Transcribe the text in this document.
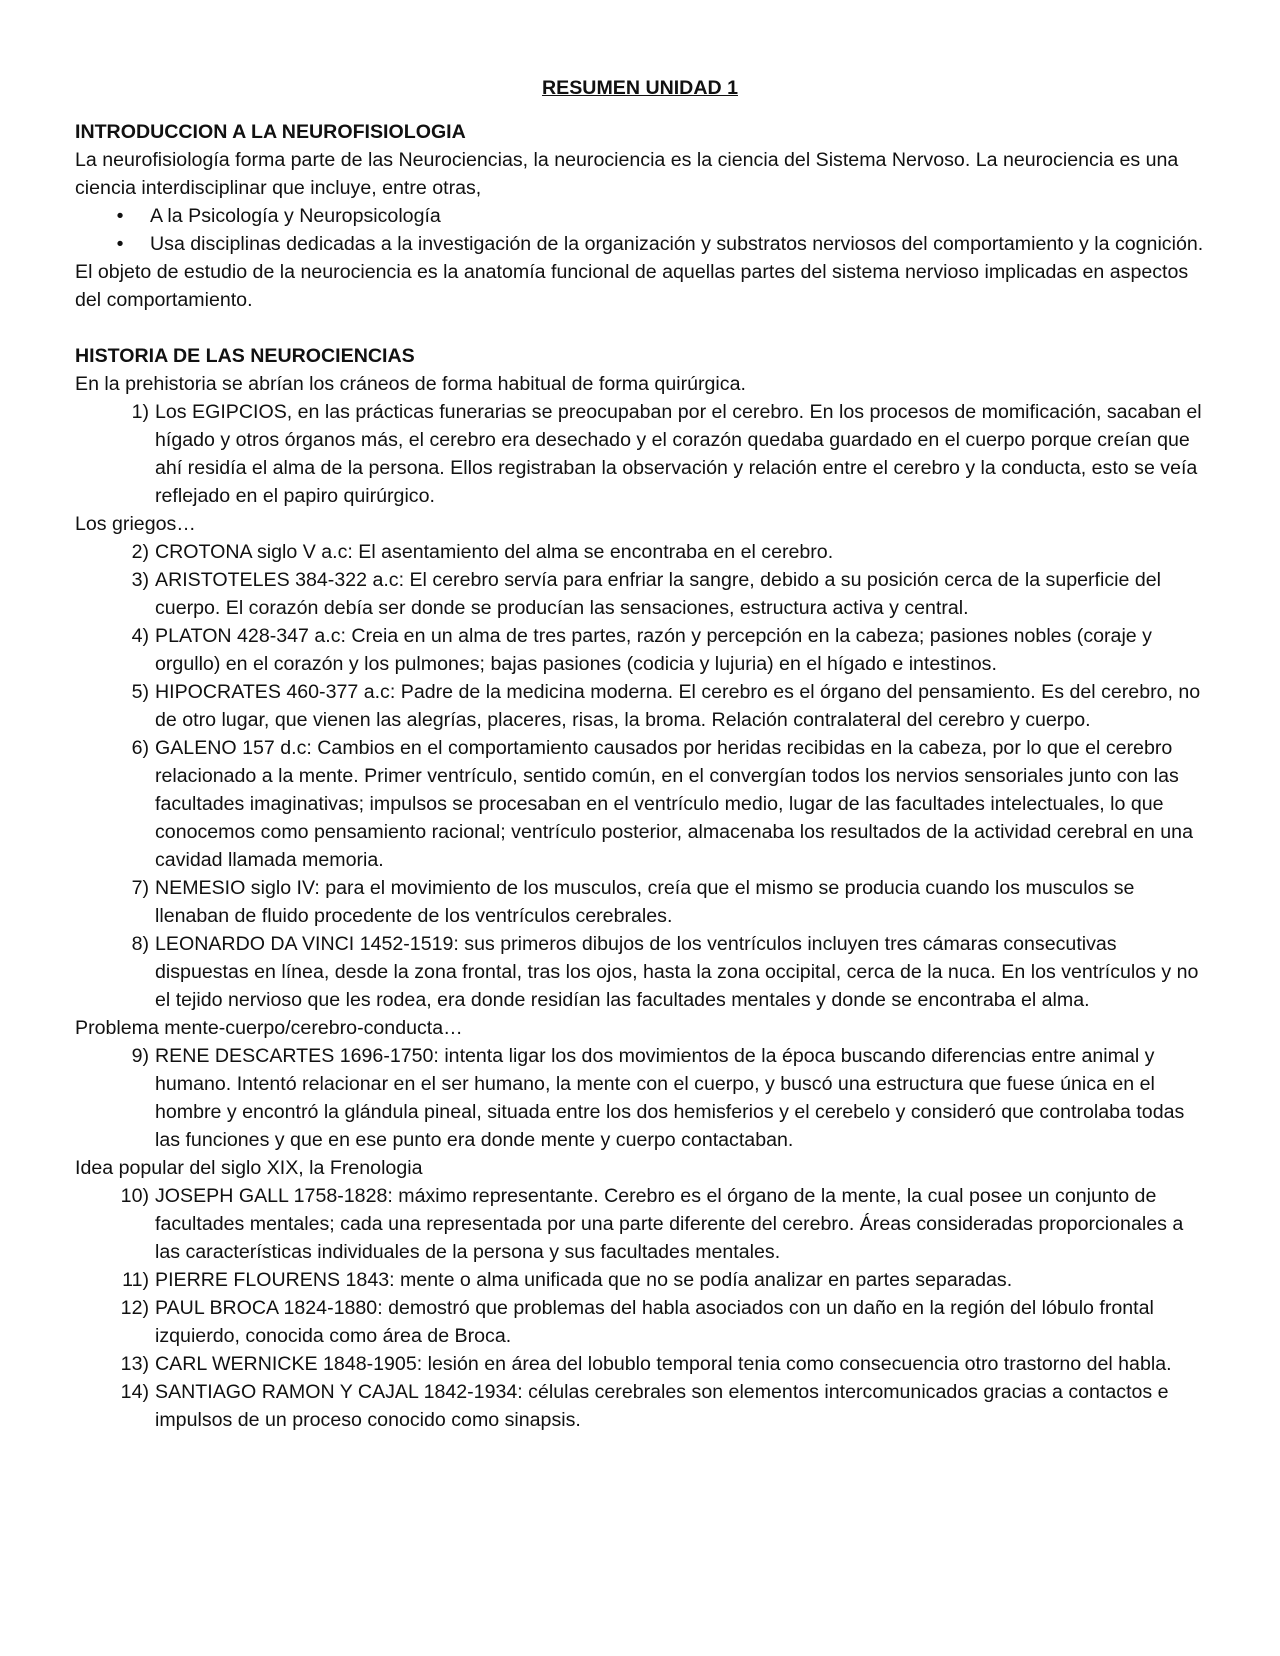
RESUMEN UNIDAD 1

INTRODUCCION A LA NEUROFISIOLOGIA

La neurofisiología forma parte de las Neurociencias, la neurociencia es la ciencia del Sistema Nervoso. La neurociencia es una ciencia interdisciplinar que incluye, entre otras,

•	A la Psicología y Neuropsicología
•	Usa disciplinas dedicadas a la investigación de la organización y substratos nerviosos del comportamiento y la cognición.

El objeto de estudio de la neurociencia es la anatomía funcional de aquellas partes del sistema nervioso implicadas en aspectos del comportamiento.

HISTORIA DE LAS NEUROCIENCIAS

En la prehistoria se abrían los cráneos de forma habitual de forma quirúrgica.

1) Los EGIPCIOS, en las prácticas funerarias se preocupaban por el cerebro. En los procesos de momificación, sacaban el hígado y otros órganos más, el cerebro era desechado y el corazón quedaba guardado en el cuerpo porque creían que ahí residía el alma de la persona. Ellos registraban la observación y relación entre el cerebro y la conducta, esto se veía reflejado en el papiro quirúrgico.

Los griegos…

2) CROTONA siglo V a.c: El asentamiento del alma se encontraba en el cerebro.
3) ARISTOTELES 384-322 a.c: El cerebro servía para enfriar la sangre, debido a su posición cerca de la superficie del cuerpo. El corazón debía ser donde se producían las sensaciones, estructura activa y central.
4) PLATON 428-347 a.c: Creia en un alma de tres partes, razón y percepción en la cabeza; pasiones nobles (coraje y orgullo) en el corazón y los pulmones; bajas pasiones (codicia y lujuria) en el hígado e intestinos.
5) HIPOCRATES 460-377 a.c: Padre de la medicina moderna. El cerebro es el órgano del pensamiento. Es del cerebro, no de otro lugar, que vienen las alegrías, placeres, risas, la broma. Relación contralateral del cerebro y cuerpo.
6) GALENO 157 d.c: Cambios en el comportamiento causados por heridas recibidas en la cabeza, por lo que el cerebro relacionado a la mente. Primer ventrículo, sentido común, en el convergían todos los nervios sensoriales junto con las facultades imaginativas; impulsos se procesaban en el ventrículo medio, lugar de las facultades intelectuales, lo que conocemos como pensamiento racional; ventrículo posterior, almacenaba los resultados de la actividad cerebral en una cavidad llamada memoria.
7) NEMESIO siglo IV: para el movimiento de los musculos, creía que el mismo se producia cuando los musculos se llenaban de fluido procedente de los ventrículos cerebrales.
8) LEONARDO DA VINCI 1452-1519: sus primeros dibujos de los ventrículos incluyen tres cámaras consecutivas dispuestas en línea, desde la zona frontal, tras los ojos, hasta la zona occipital, cerca de la nuca. En los ventrículos y no el tejido nervioso que les rodea, era donde residían las facultades mentales y donde se encontraba el alma.

Problema mente-cuerpo/cerebro-conducta…

9) RENE DESCARTES 1696-1750: intenta ligar los dos movimientos de la época buscando diferencias entre animal y humano. Intentó relacionar en el ser humano, la mente con el cuerpo, y buscó una estructura que fuese única en el hombre y encontró la glándula pineal, situada entre los dos hemisferios y el cerebelo y consideró que controlaba todas las funciones y que en ese punto era donde mente y cuerpo contactaban.

Idea popular del siglo XIX, la Frenologia

10) JOSEPH GALL 1758-1828: máximo representante. Cerebro es el órgano de la mente, la cual posee un conjunto de facultades mentales; cada una representada por una parte diferente del cerebro. Áreas consideradas proporcionales a las características individuales de la persona y sus facultades mentales.
11) PIERRE FLOURENS 1843: mente o alma unificada que no se podía analizar en partes separadas.
12) PAUL BROCA 1824-1880: demostró que problemas del habla asociados con un daño en la región del lóbulo frontal izquierdo, conocida como área de Broca.
13) CARL WERNICKE 1848-1905: lesión en área del lobublo temporal tenia como consecuencia otro trastorno del habla.
14) SANTIAGO RAMON Y CAJAL 1842-1934: células cerebrales son elementos intercomunicados gracias a contactos e impulsos de un proceso conocido como sinapsis.
